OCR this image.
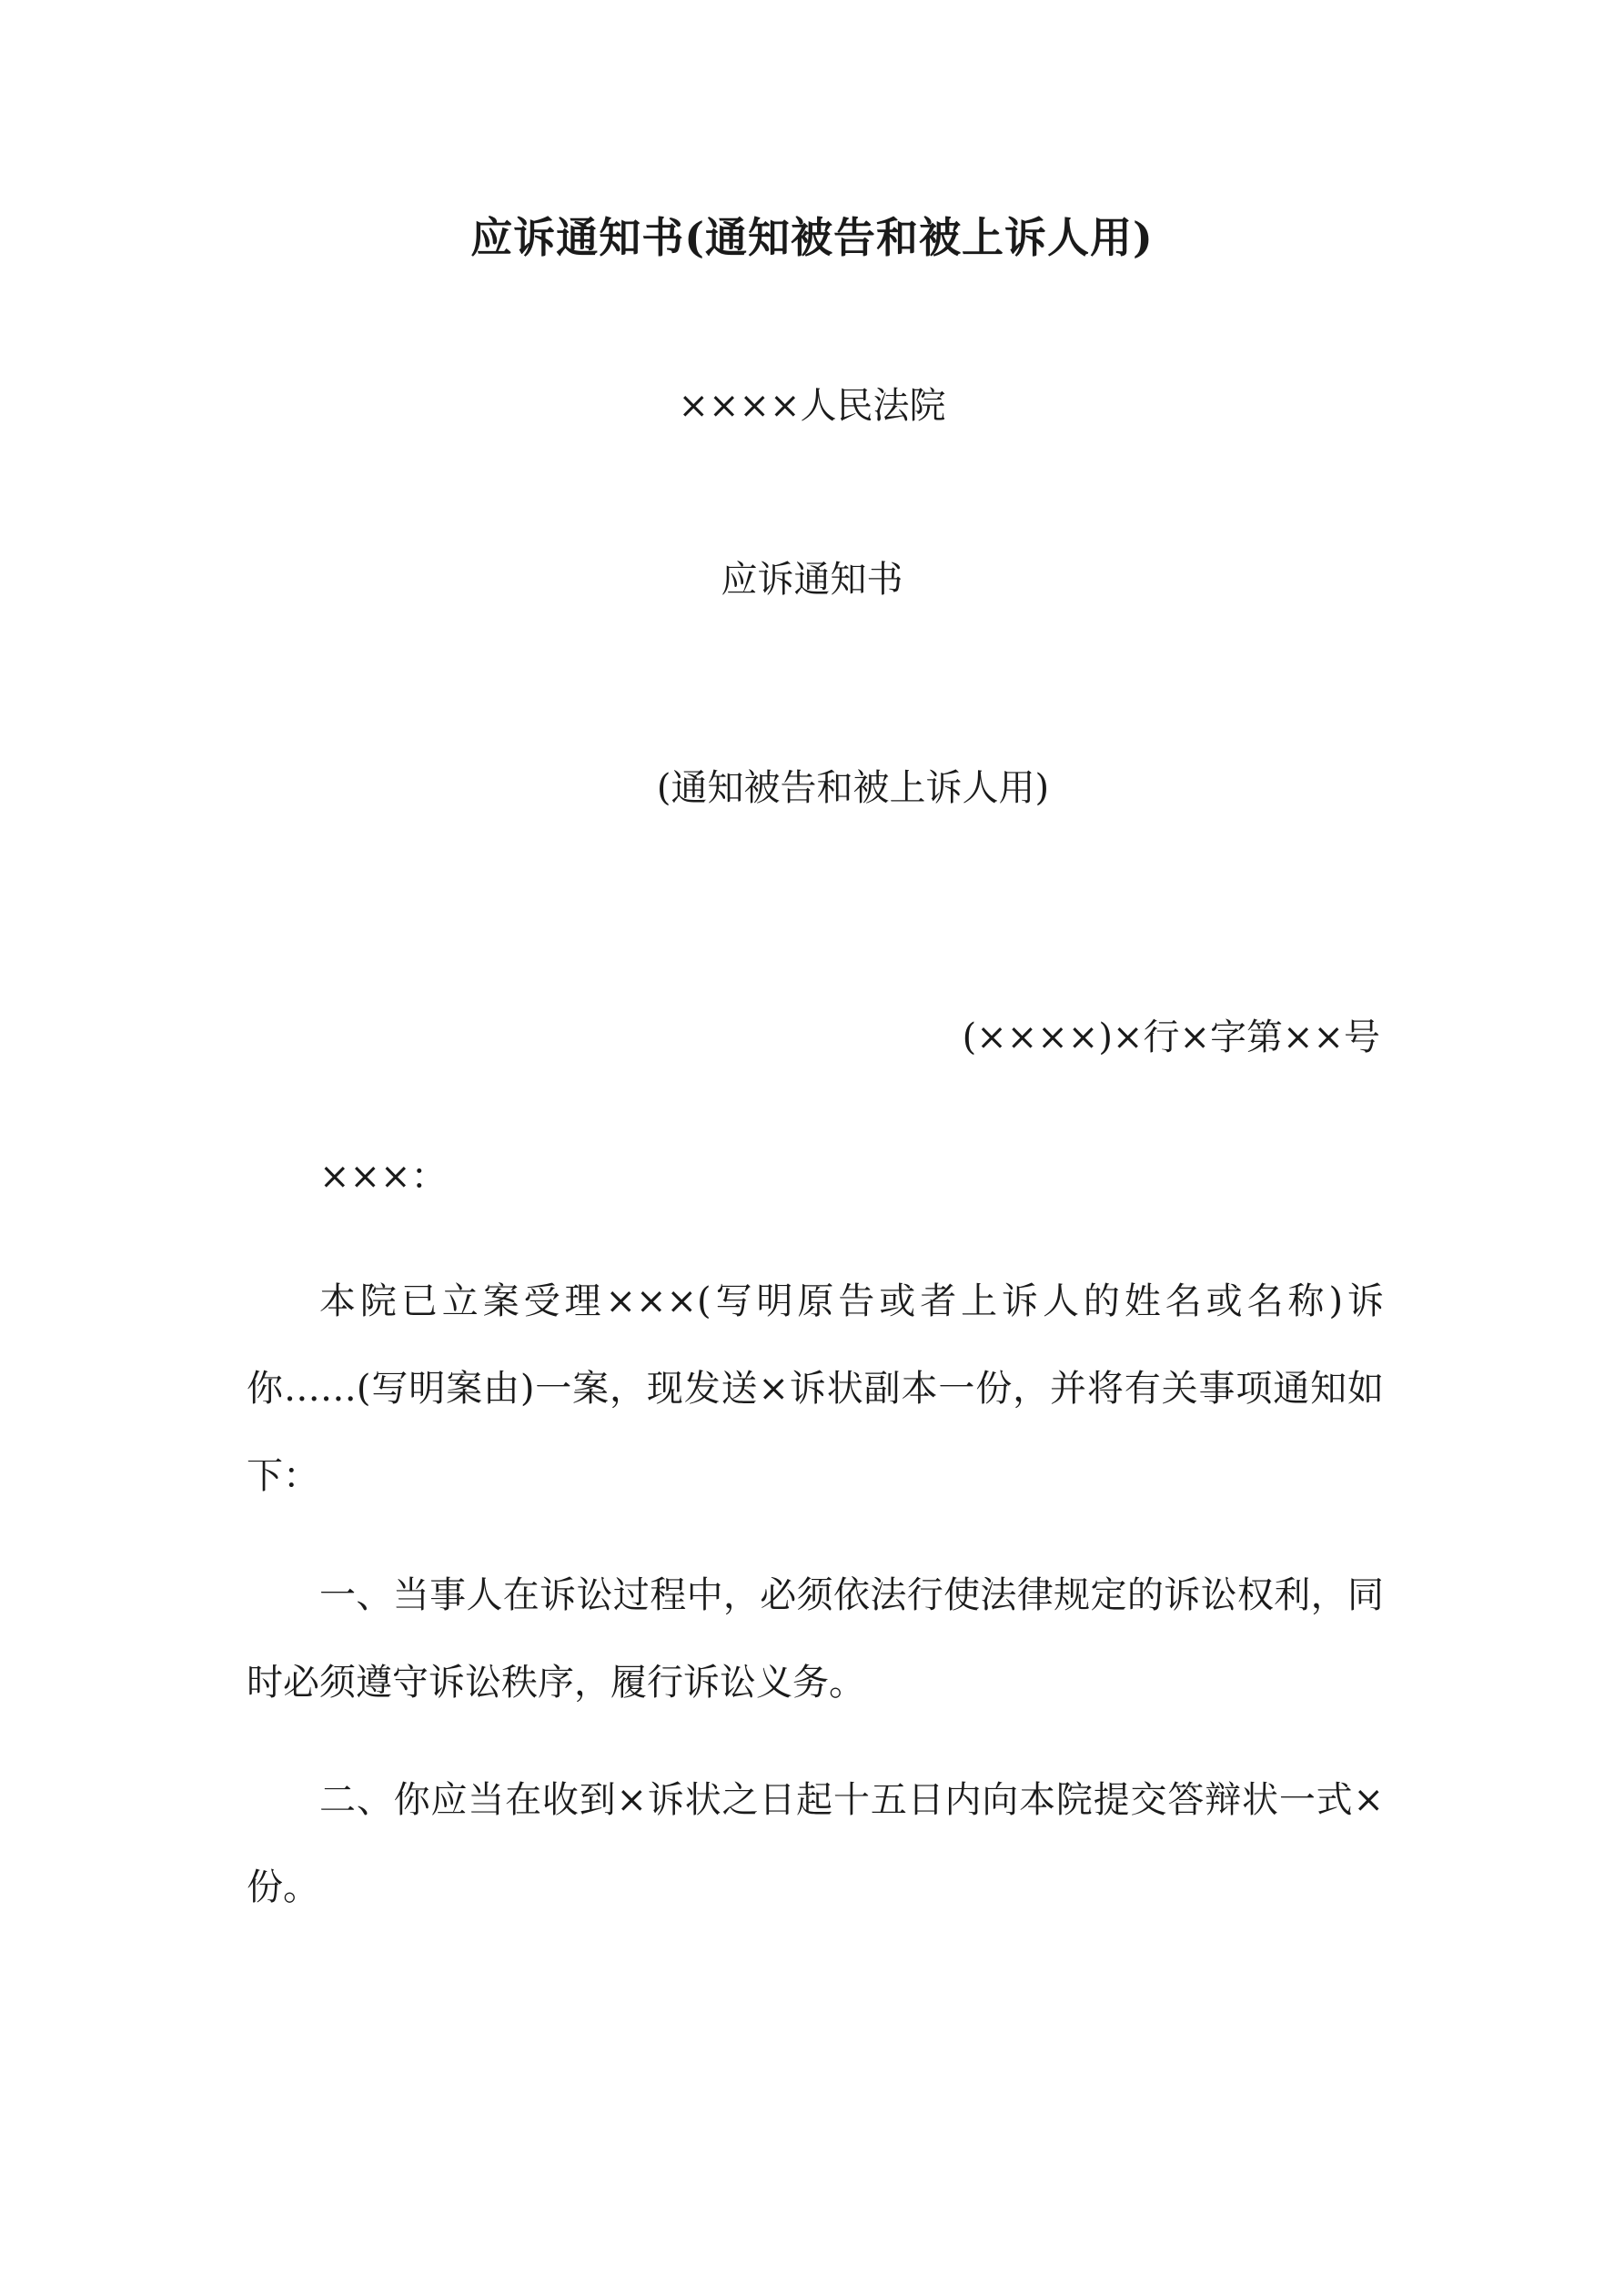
应诉通知书(通知被告和被上诉人用)
××××人民法院
应诉通知书
(通知被告和被上诉人用)
(××××)×行×字第××号

×××：

本院已立案受理×××(写明原告或者上诉人的姓名或名称)诉你……(写明案由)一案，现发送×诉状副本一份，并将有关事项通知如下：

一、当事人在诉讼过程中，必须依法行使法律规定的诉讼权利，同时必须遵守诉讼秩序，履行诉讼义务。

二、你应当在收到×诉状之日起十五日内向本院提交答辩状一式×份。
